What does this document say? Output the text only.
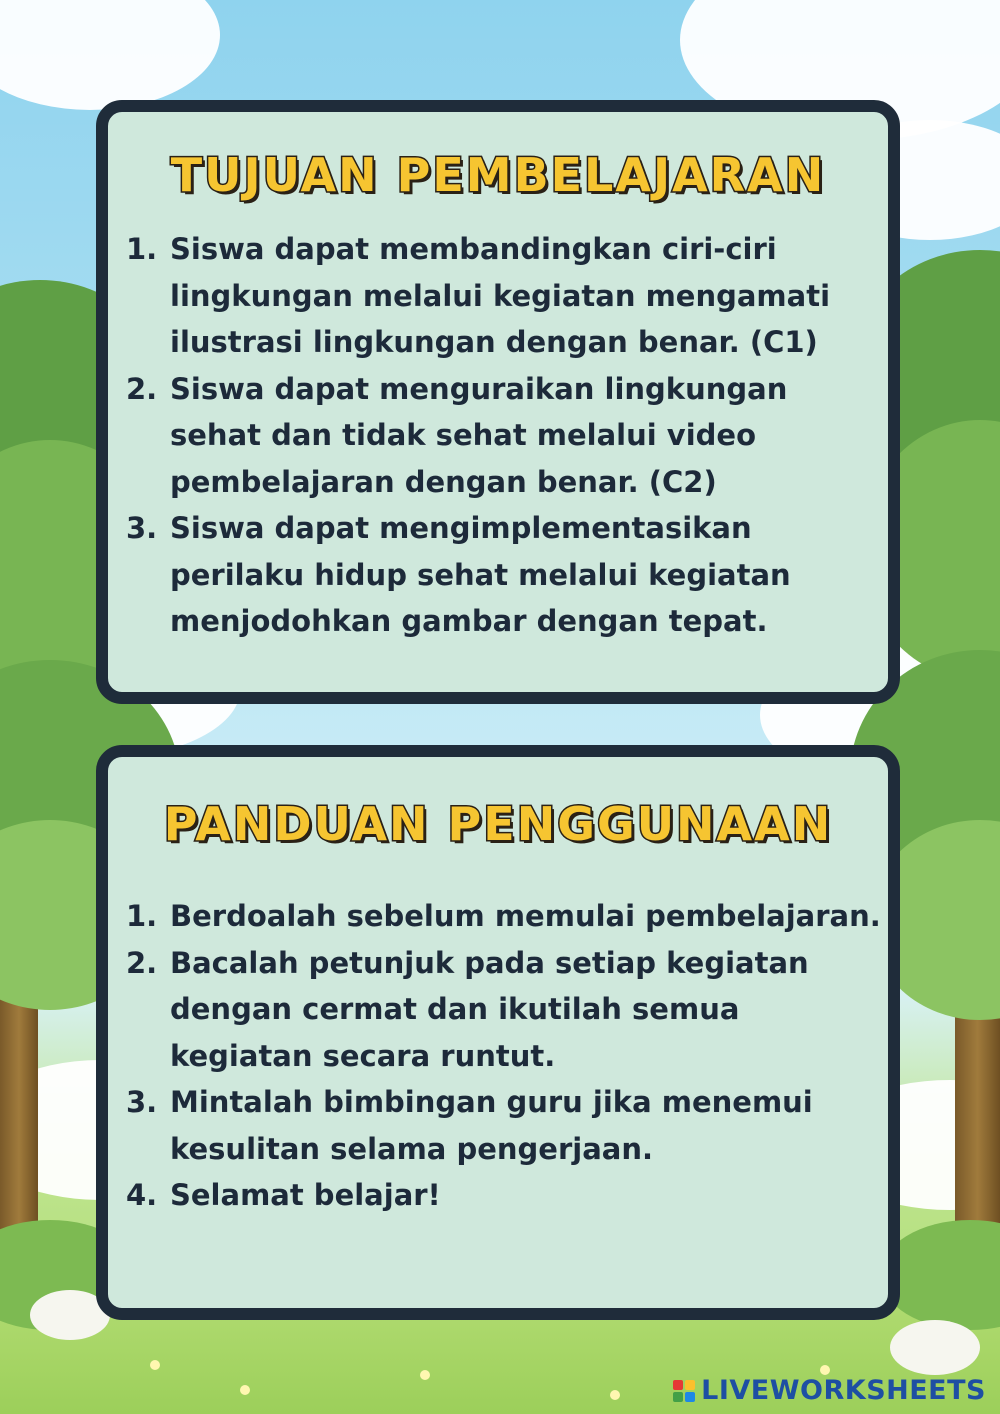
TUJUAN PEMBELAJARAN
1. Siswa dapat membandingkan ciri-ciri lingkungan melalui kegiatan mengamati ilustrasi lingkungan dengan benar. (C1)
2. Siswa dapat menguraikan lingkungan sehat dan tidak sehat melalui video pembelajaran dengan benar. (C2)
3. Siswa dapat mengimplementasikan perilaku hidup sehat melalui kegiatan menjodohkan gambar dengan tepat.
PANDUAN PENGGUNAAN
1. Berdoalah sebelum memulai pembelajaran.
2. Bacalah petunjuk pada setiap kegiatan dengan cermat dan ikutilah semua kegiatan secara runtut.
3. Mintalah bimbingan guru jika menemui kesulitan selama pengerjaan.
4. Selamat belajar!
LIVEWORKSHEETS
